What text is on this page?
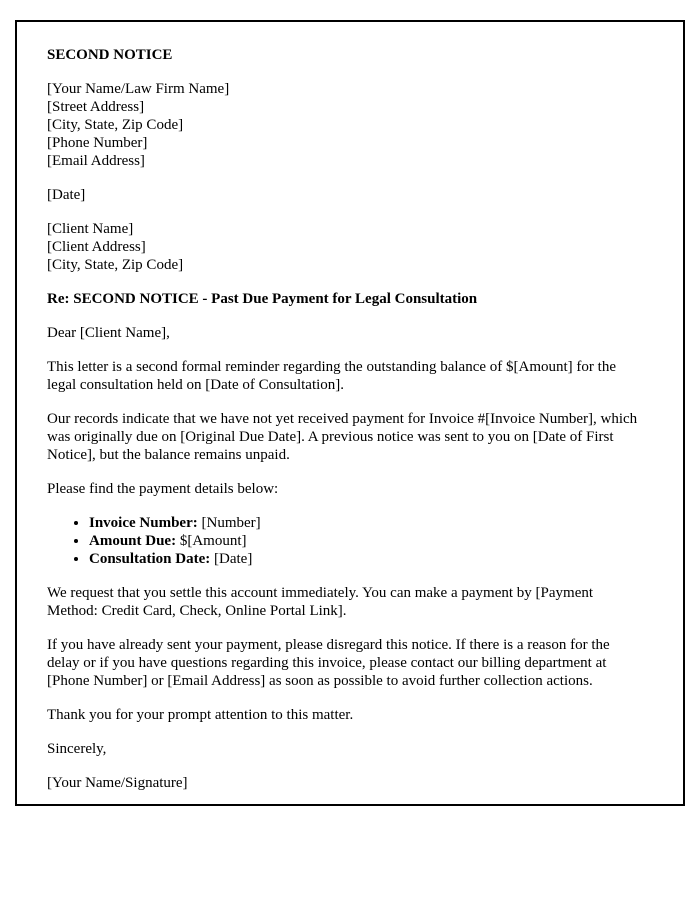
SECOND NOTICE

[Your Name/Law Firm Name]
[Street Address]
[City, State, Zip Code]
[Phone Number]
[Email Address]

[Date]

[Client Name]
[Client Address]
[City, State, Zip Code]

Re: SECOND NOTICE - Past Due Payment for Legal Consultation

Dear [Client Name],

This letter is a second formal reminder regarding the outstanding balance of $[Amount] for the legal consultation held on [Date of Consultation].

Our records indicate that we have not yet received payment for Invoice #[Invoice Number], which was originally due on [Original Due Date]. A previous notice was sent to you on [Date of First Notice], but the balance remains unpaid.

Please find the payment details below:

• Invoice Number: [Number]
• Amount Due: $[Amount]
• Consultation Date: [Date]

We request that you settle this account immediately. You can make a payment by [Payment Method: Credit Card, Check, Online Portal Link].

If you have already sent your payment, please disregard this notice. If there is a reason for the delay or if you have questions regarding this invoice, please contact our billing department at [Phone Number] or [Email Address] as soon as possible to avoid further collection actions.

Thank you for your prompt attention to this matter.

Sincerely,

[Your Name/Signature]
